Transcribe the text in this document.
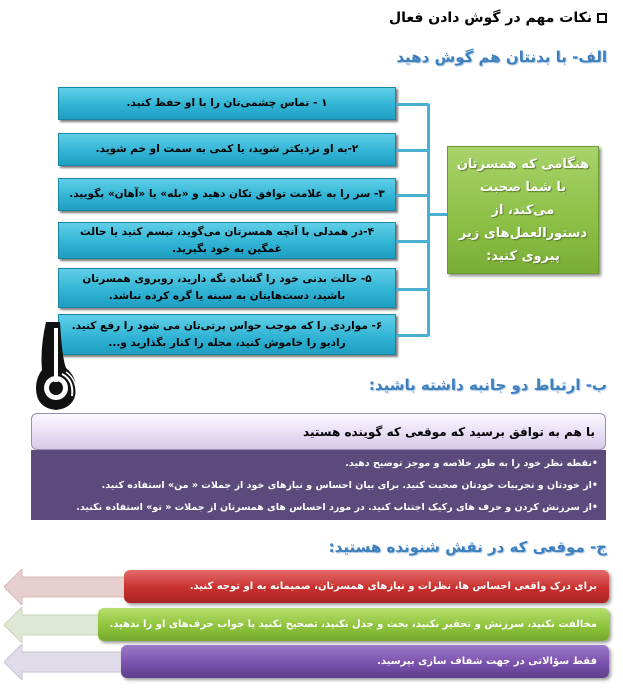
نکات مهم در گوش دادن فعال
الف- با بدنتان هم گوش دهید
۱ - تماس چشمی‌تان را با او حفظ کنید.
۲-به او نزدیکتر شوید، یا کمی به سمت او خم شوید.
۳- سر را به علامت توافق تکان دهید و «بله» یا «آهان» بگویید.
۴-در همدلی با آنچه همسرتان می‌گوید، تبسم کنید یا حالت غمگین به خود بگیرید.
۵- حالت بدنی خود را گشاده نگه دارید، روبروی همسرتان باشید، دست‌هایتان به سینه یا گره کرده نباشد.
۶- مواردی را که موجب حواس پرتی‌تان می شود را رفع کنید. رادیو را خاموش کنید، مجله را کنار بگذارید و...
هنگامی که همسرتان با شما صحبت می‌کند، از دستورالعمل‌های زیر پیروی کنید:
ب- ارتباط دو جانبه داشته باشید:
با هم به توافق برسید که موقعی که گوینده هستید
•نقطه نظر خود را به طور خلاصه و موجز توضیح دهید.
•از خودتان و تجربیات خودتان صحبت کنید. برای بیان احساس و نیازهای خود از جملات « من» استفاده کنید.
•از سرزنش کردن و حرف های رکیک اجتناب کنید. در مورد احساس های همسرتان از جملات « تو» استفاده نکنید.
ج- موقعی که در نقش شنونده هستید:
برای درک واقعی احساس ها، نظرات و نیازهای همسرتان، صمیمانه به او توجه کنید.
مخالفت نکنید، سرزنش و تحقیر نکنید، بحث و جدل نکنید، تصحیح نکنید یا جواب حرف‌های او را ندهید.
فقط سؤالاتی در جهت شفاف سازی بپرسید.
